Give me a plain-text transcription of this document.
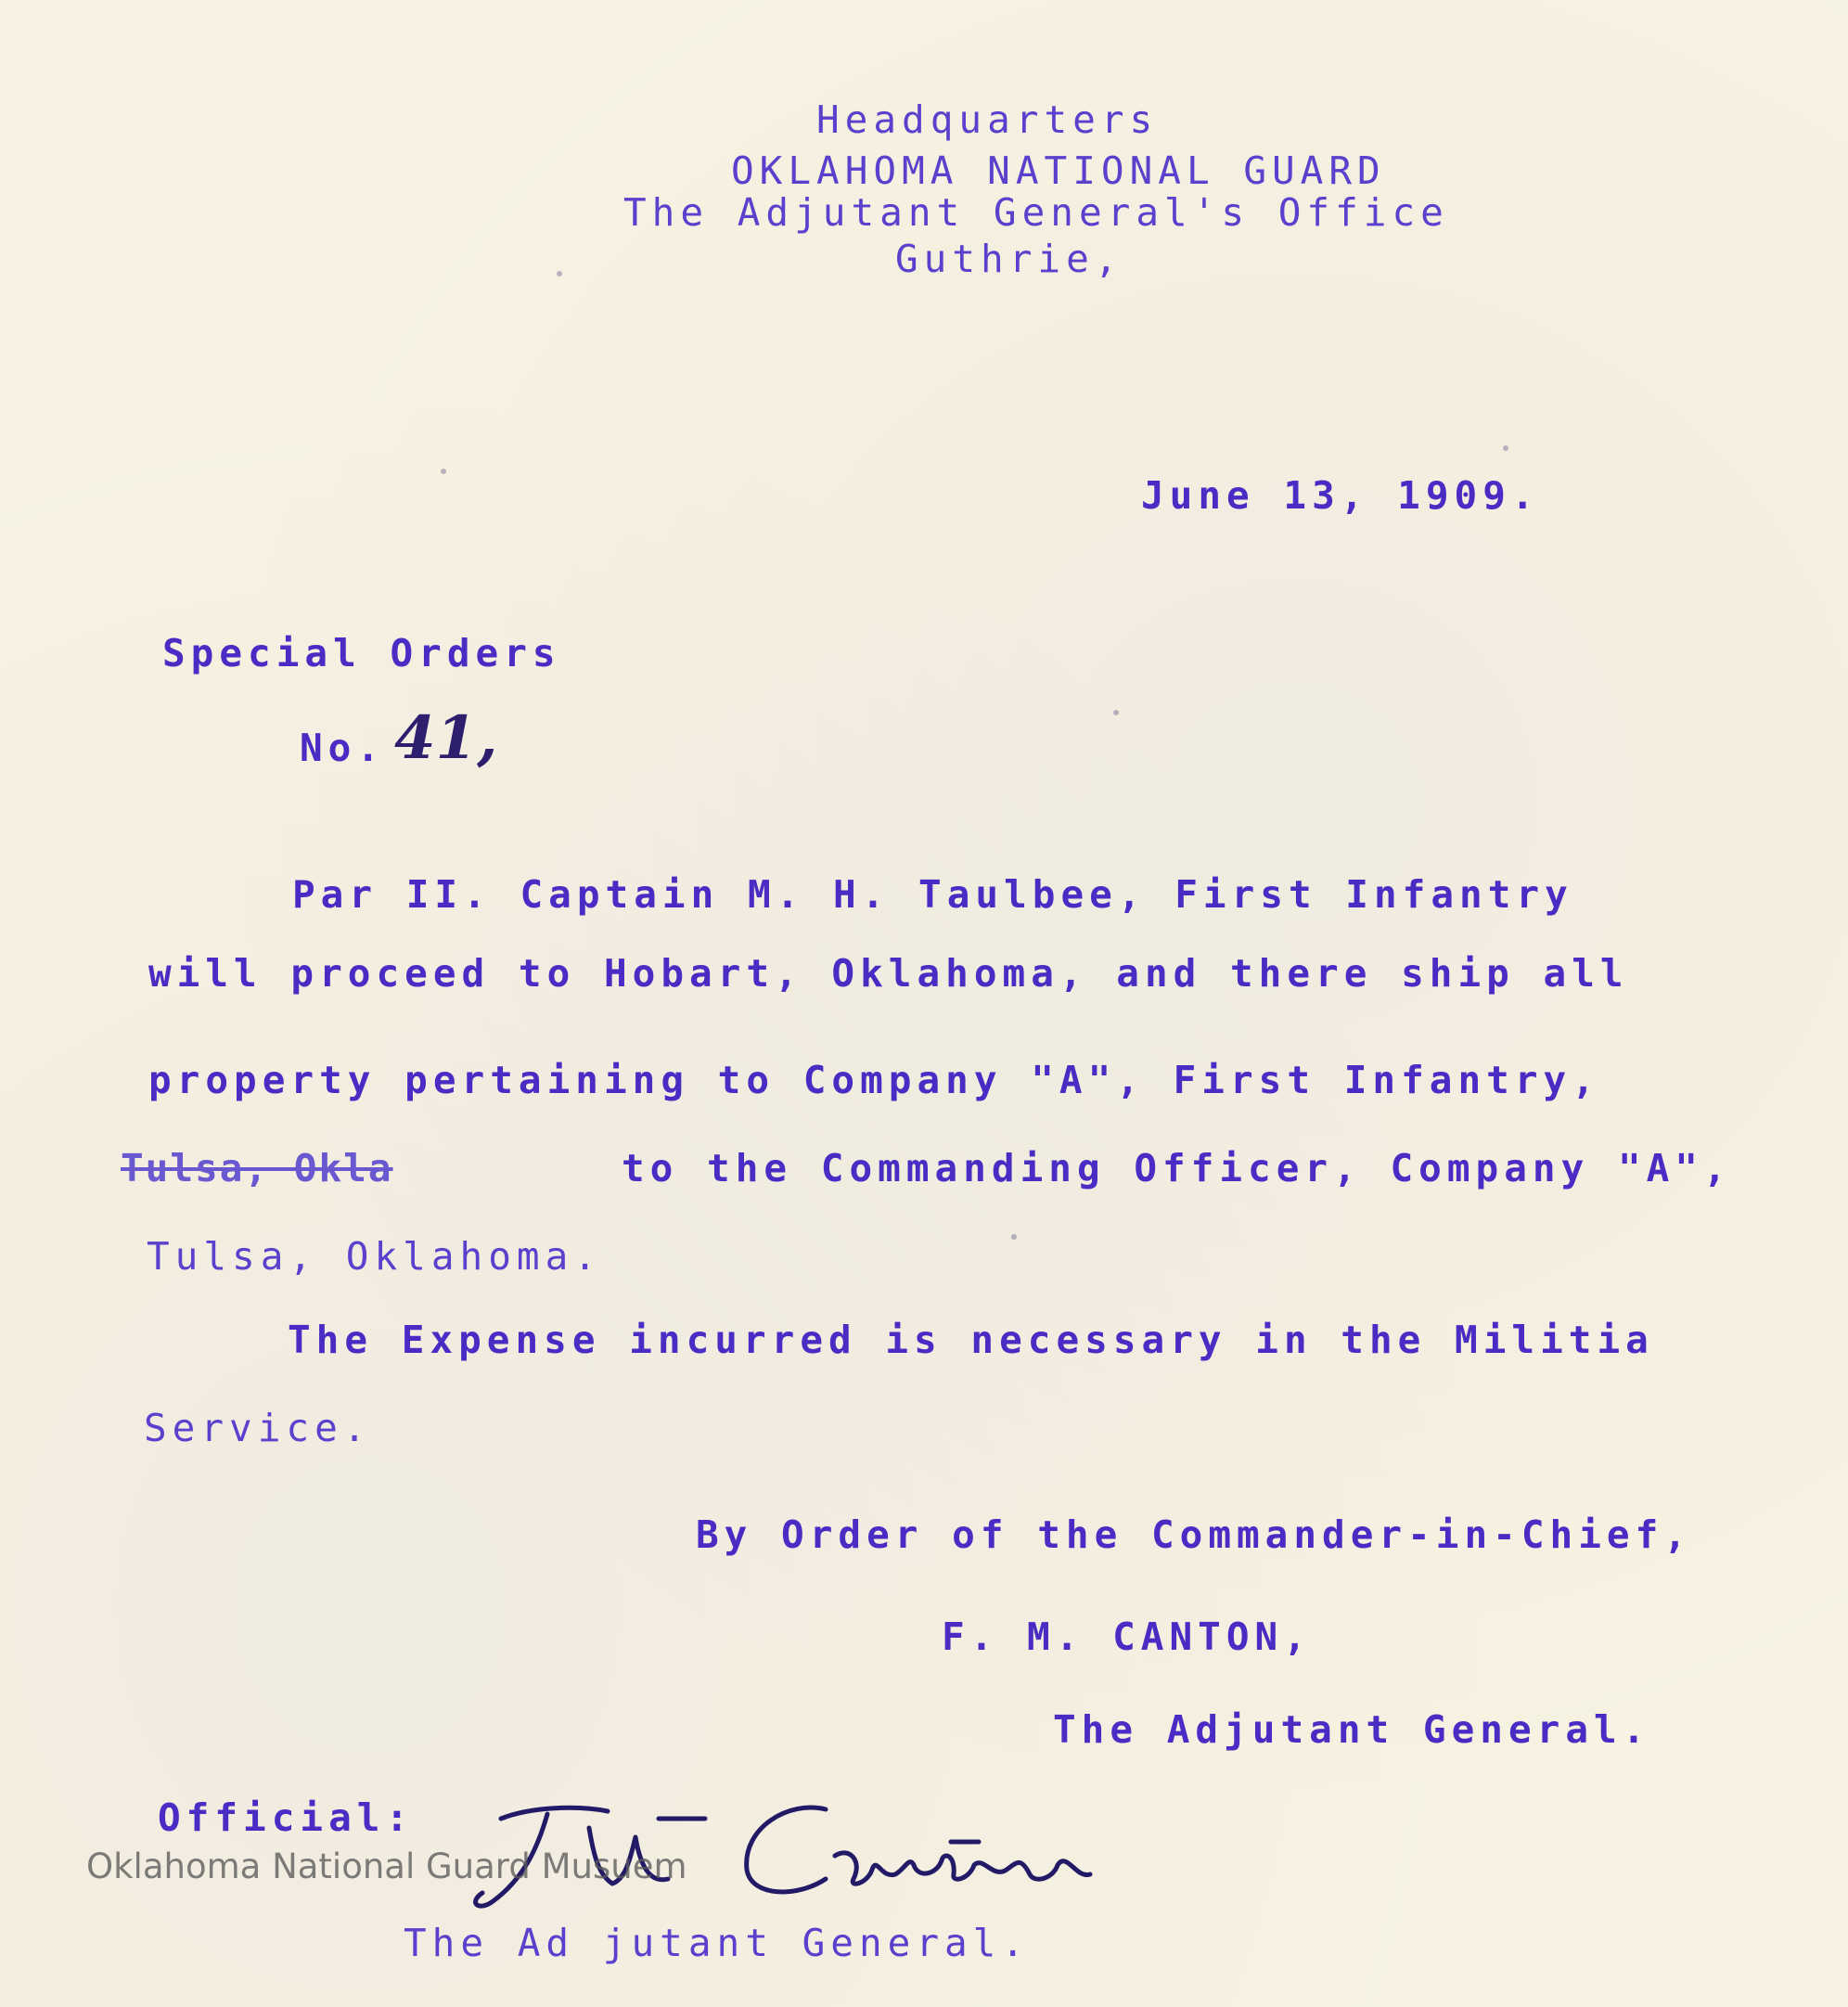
Headquarters
OKLAHOMA NATIONAL GUARD
The Adjutant General's Office
Guthrie,
June 13, 1909.
Special Orders
No. 41,
Par II. Captain M. H. Taulbee, First Infantry
will proceed to Hobart, Oklahoma, and there ship all
property pertaining to Company "A", First Infantry,
Tulsa, Okla	to the Commanding Officer, Company "A",
Tulsa, Oklahoma.
The Expense incurred is necessary in the Militia
Service.
By Order of the Commander-in-Chief,
F. M. CANTON,
The Adjutant General.
Official:
The Ad jutant General.
Oklahoma National Guard Musuem
